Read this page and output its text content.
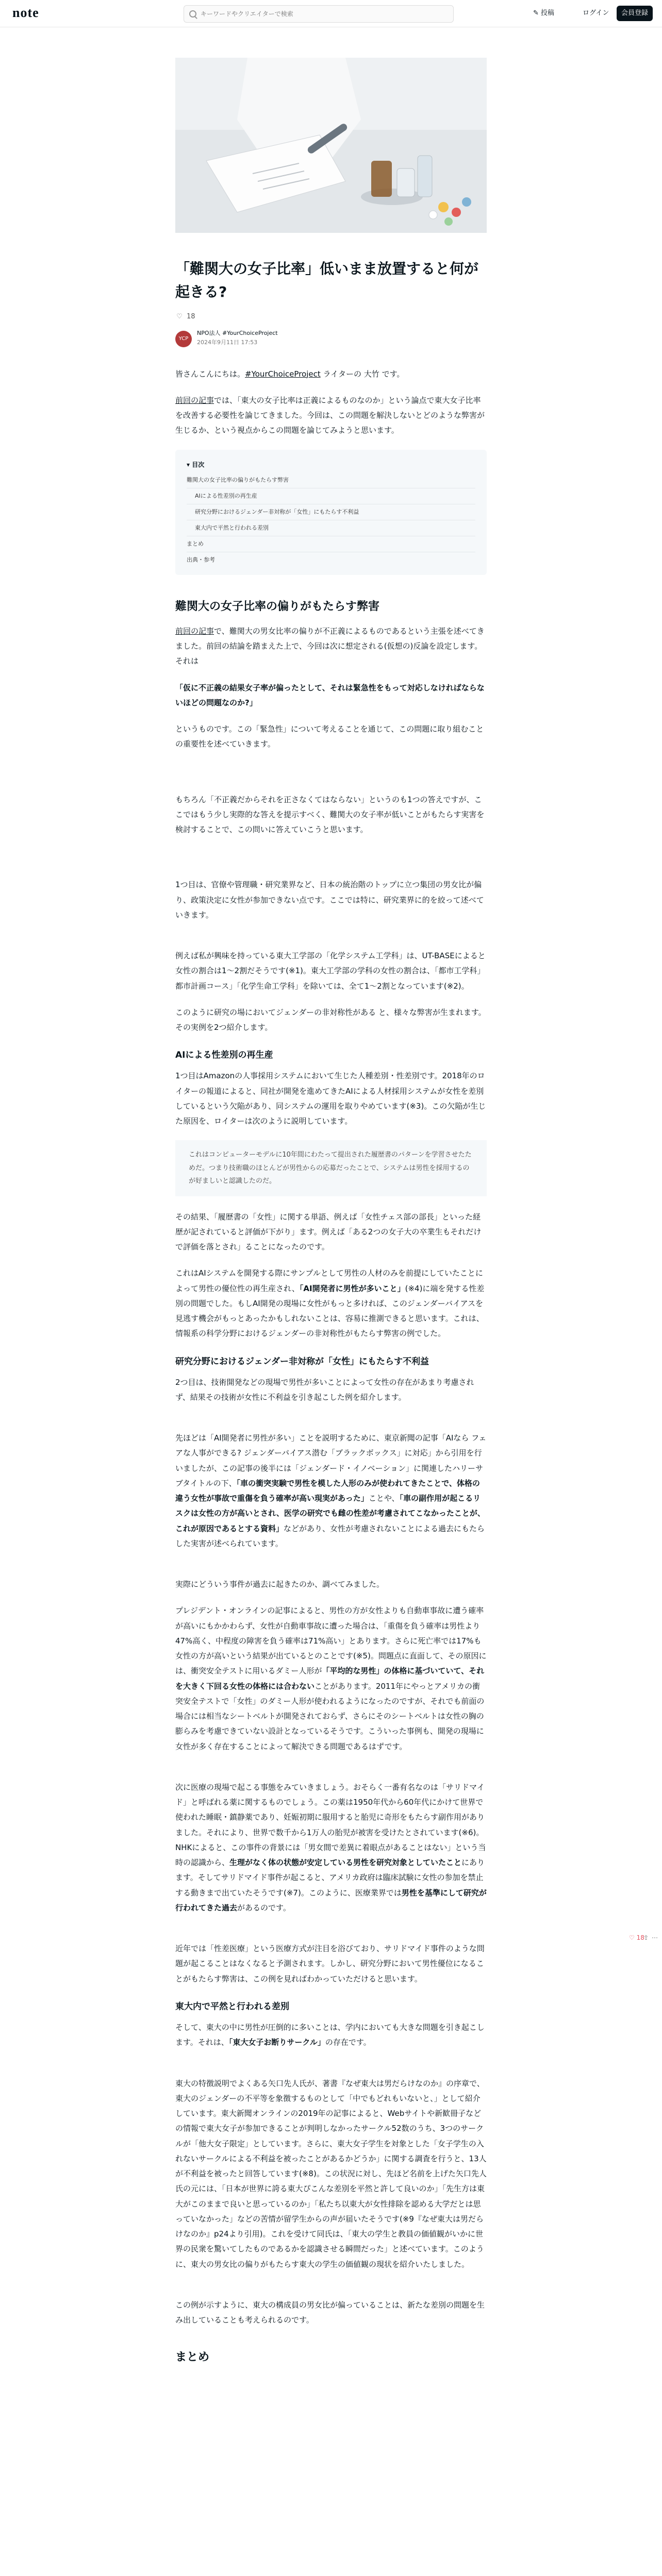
note
キーワードやクリエイターで検索	✎ 投稿	ログイン	会員登録
「難関大の女子比率」低いまま放置すると何が起きる?
♡ 18
YCP
NPO法人 #YourChoiceProject
2024年9月11日 17:53

皆さんこんにちは。#YourChoiceProject ライターの 大竹 です。

前回の記事では、「東大の女子比率は正義によるものなのか」という論点で東大女子比率を改善する必要性を論じてきました。今回は、この問題を解決しないとどのような弊害が生じるか、という視点からこの問題を論じてみようと思います。

▾ 目次
難関大の女子比率の偏りがもたらす弊害
AIによる性差別の再生産
研究分野におけるジェンダー非対称が「女性」にもたらす不利益
東大内で平然と行われる差別
まとめ
出典・参考
難関大の女子比率の偏りがもたらす弊害

前回の記事で、難関大の男女比率の偏りが不正義によるものであるという主張を述べてきました。前回の結論を踏まえた上で、今回は次に想定される(仮想の)反論を設定します。それは

「仮に不正義の結果女子率が偏ったとして、それは緊急性をもって対応しなければならないほどの問題なのか?」

というものです。この「緊急性」について考えることを通じて、この問題に取り組むことの重要性を述べていきます。

もちろん「不正義だからそれを正さなくてはならない」というのも1つの答えですが、ここではもう少し実際的な答えを提示すべく、難関大の女子率が低いことがもたらす実害を検討することで、この問いに答えていこうと思います。

1つ目は、官僚や管理職・研究業界など、日本の統治階のトップに立つ集団の男女比が偏り、政策決定に女性が参加できない点です。ここでは特に、研究業界に的を絞って述べていきます。

例えば私が興味を持っている東大工学部の「化学システム工学科」は、UT-BASEによると女性の割合は1〜2割だそうです(※1)。東大工学部の学科の女性の割合は、「都市工学科」都市計画コース」「化学生命工学科」を除いては、全て1〜2割となっています(※2)。

このように研究の場においてジェンダーの非対称性がある と、様々な弊害が生まれます。その実例を2つ紹介します。

AIによる性差別の再生産

1つ目はAmazonの人事採用システムにおいて生じた人種差別・性差別です。2018年のロイターの報道によると、同社が開発を進めてきたAIによる人材採用システムが女性を差別しているという欠陥があり、同システムの運用を取りやめています(※3)。この欠陥が生じた原因を、ロイターは次のように説明しています。

これはコンピューターモデルに10年間にわたって提出された履歴書のパターンを学習させたためだ。つまり技術職のほとんどが男性からの応募だったことで、システムは男性を採用するのが好ましいと認識したのだ。

その結果、「履歴書の「女性」に関する単語、例えば「女性チェス部の部長」といった経歴が記されていると評価が下がり」ます。例えば「ある2つの女子大の卒業生もそれだけで評価を落とされ」ることになったのです。

これはAIシステムを開発する際にサンプルとして男性の人材のみを前提にしていたことによって男性の優位性の再生産され、「AI開発者に男性が多いこと」(※4)に端を発する性差別の問題でした。もしAI開発の現場に女性がもっと多ければ、このジェンダーバイアスを見逃す機会がもっとあったかもしれないことは、容易に推測できると思います。これは、情報系の科学分野におけるジェンダーの非対称性がもたらす弊害の例でした。

研究分野におけるジェンダー非対称が「女性」にもたらす不利益

2つ目は、技術開発などの現場で男性が多いことによって女性の存在があまり考慮されず、結果その技術が女性に不利益を引き起こした例を紹介します。

先ほどは「AI開発者に男性が多い」ことを説明するために、東京新聞の記事「AIなら フェアな人事ができる? ジェンダーバイアス潜む「ブラックボックス」に対応」から引用を行いましたが、この記事の後半には「ジェンダード・イノベーション」に関連したハリーサブタイトルの下、「車の衝突実験で男性を模した人形のみが使われてきたことで、体格の違う女性が事故で重傷を負う確率が高い現実があった」ことや、「車の副作用が起こるリスクは女性の方が高いとされ、医学の研究でも雌の性差が考慮されてこなかったことが、これが原因であるとする資料」などがあり、女性が考慮されないことによる過去にもたらした実害が述べられています。

実際にどういう事件が過去に起きたのか、調べてみました。

プレジデント・オンラインの記事によると、男性の方が女性よりも自動車事故に遭う確率が高いにもかかわらず、女性が自動車事故に遭った場合は、「重傷を負う確率は男性より47%高く、中程度の障害を負う確率は71%高い」とあります。さらに死亡率では17%も女性の方が高いという結果が出ているとのことです(※5)。問題点に直面して、その原因には、衝突安全テストに用いるダミー人形が「平均的な男性」の体格に基づいていて、それを大きく下回る女性の体格には合わないことがあります。2011年にやっとアメリカの衝突安全テストで「女性」のダミー人形が使われるようになったのですが、それでも前面の場合には相当なシートベルトが開発されておらず、さらにそのシートベルトは女性の胸の膨らみを考慮できていない設計となっているそうです。こういった事例も、開発の現場に女性が多く存在することによって解決できる問題であるはずです。

次に医療の現場で起こる事態をみていきましょう。おそらく一番有名なのは「サリドマイド」と呼ばれる薬に関するものでしょう。この薬は1950年代から60年代にかけて世界で使われた睡眠・鎮静薬であり、妊娠初期に服用すると胎児に奇形をもたらす副作用がありました。それにより、世界で数千から1万人の胎児が被害を受けたとされています(※6)。NHKによると、この事件の背景には「男女間で差異に着眼点があることはない」という当時の認識から、生理がなく体の状態が安定している男性を研究対象としていたことにあります。そしてサリドマイド事件が起こると、アメリカ政府は臨床試験に女性の参加を禁止する動きまで出ていたそうです(※7)。このように、医療業界では男性を基準にして研究が行われてきた過去があるのです。

近年では「性差医療」という医療方式が注目を浴びており、サリドマイド事件のような問題が起こることはなくなると予測されます。しかし、研究分野において男性優位になることがもたらす弊害は、この例を見ればわかっていただけると思います。

東大内で平然と行われる差別

そして、東大の中に男性が圧倒的に多いことは、学内においても大きな問題を引き起こします。それは、「東大女子お断りサークル」の存在です。

東大の特徴説明でよくある矢口先人氏が、著書『なぜ東大は男だらけなのか』の序章で、東大のジェンダーの不平等を象徴するものとして「中でもどれもいないと、」として紹介しています。東大新聞オンラインの2019年の記事によると、Webサイトや新歓冊子などの情報で東大女子が参加できることが判明しなかったサークル52数のうち、3つのサークルが「他大女子限定」としています。さらに、東大女子学生を対象とした「女子学生の入れないサークルによる不利益を被ったことがあるかどうか」に関する調査を行うと、13人が不利益を被ったと回答しています(※8)。この状況に対し、先ほど名前を上げた矢口先人氏の元には、「日本が世界に誇る東大ぴこんな差別を平然と許して良いのか」「先生方は東大がこのままで良いと思っているのか」「私たち以東大が女性排除を認める大学だとは思っていなかった」などの苦情が留学生からの声が届いたそうです(※9『なぜ東大は男だらけなのか』p24より引用)。これを受けて同氏は、「東大の学生と教員の価値観がいかに世界の民衆を驚いてしたものであるかを認識させる瞬間だった」と述べています。このように、東大の男女比の偏りがもたらす東大の学生の価値観の現状を紹介いたしました。

この例が示すように、東大の構成員の男女比が偏っていることは、新たな差別の問題を生み出していることも考えられるのです。

まとめ
♡ 18
⇪ ⋯
